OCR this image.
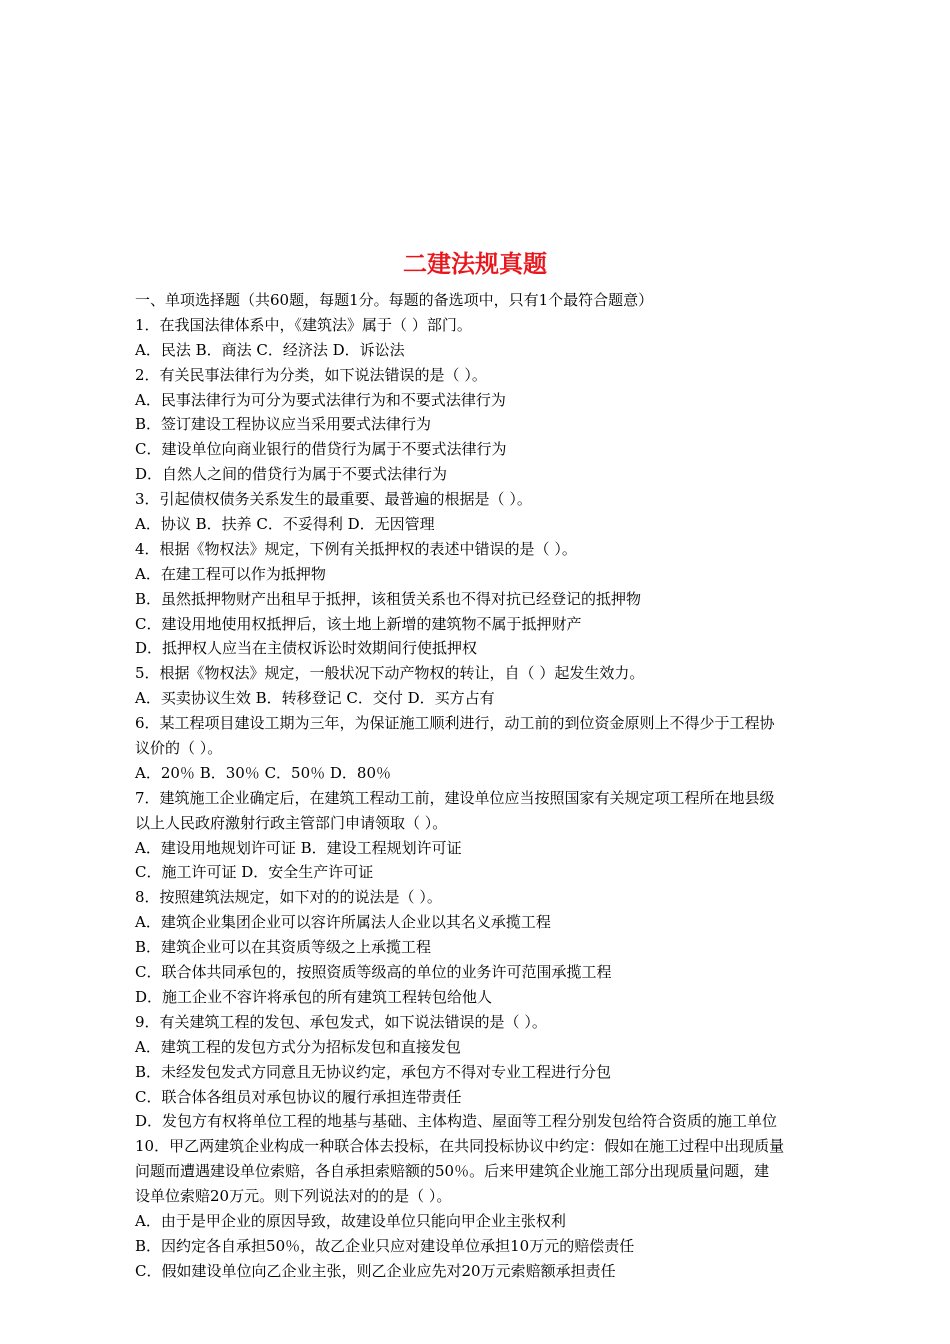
二建法规真题
一、单项选择题（共60题，每题1分。每题的备选项中，只有1个最符合题意）
1．在我国法律体系中，《建筑法》属于（ ）部门。
A．民法 B．商法 C．经济法 D．诉讼法
2．有关民事法律行为分类，如下说法错误的是（ ）。
A．民事法律行为可分为要式法律行为和不要式法律行为
B．签订建设工程协议应当采用要式法律行为
C．建设单位向商业银行的借贷行为属于不要式法律行为
D．自然人之间的借贷行为属于不要式法律行为
3．引起债权债务关系发生的最重要、最普遍的根据是（ ）。
A．协议 B．扶养 C．不妥得利 D．无因管理
4．根据《物权法》规定，下例有关抵押权的表述中错误的是（ ）。
A．在建工程可以作为抵押物
B．虽然抵押物财产出租早于抵押，该租赁关系也不得对抗已经登记的抵押物
C．建设用地使用权抵押后，该土地上新增的建筑物不属于抵押财产
D．抵押权人应当在主债权诉讼时效期间行使抵押权
5．根据《物权法》规定，一般状况下动产物权的转让，自（ ）起发生效力。
A．买卖协议生效 B．转移登记 C．交付 D．买方占有
6．某工程项目建设工期为三年，为保证施工顺利进行，动工前的到位资金原则上不得少于工程协
议价的（ ）。
A．20％ B．30％ C．50％ D．80％
7．建筑施工企业确定后，在建筑工程动工前，建设单位应当按照国家有关规定项工程所在地县级
以上人民政府激射行政主管部门申请领取（ ）。
A．建设用地规划许可证 B．建设工程规划许可证
C．施工许可证 D．安全生产许可证
8．按照建筑法规定，如下对的的说法是（ ）。
A．建筑企业集团企业可以容许所属法人企业以其名义承揽工程
B．建筑企业可以在其资质等级之上承揽工程
C．联合体共同承包的，按照资质等级高的单位的业务许可范围承揽工程
D．施工企业不容许将承包的所有建筑工程转包给他人
9．有关建筑工程的发包、承包发式，如下说法错误的是（ ）。
A．建筑工程的发包方式分为招标发包和直接发包
B．未经发包发式方同意且无协议约定，承包方不得对专业工程进行分包
C．联合体各组员对承包协议的履行承担连带责任
D．发包方有权将单位工程的地基与基础、主体构造、屋面等工程分别发包给符合资质的施工单位
10．甲乙两建筑企业构成一种联合体去投标，在共同投标协议中约定：假如在施工过程中出现质量
问题而遭遇建设单位索赔，各自承担索赔额的50％。后来甲建筑企业施工部分出现质量问题，建
设单位索赔20万元。则下列说法对的的是（ ）。
A．由于是甲企业的原因导致，故建设单位只能向甲企业主张权利
B．因约定各自承担50％，故乙企业只应对建设单位承担10万元的赔偿责任
C．假如建设单位向乙企业主张，则乙企业应先对20万元索赔额承担责任
